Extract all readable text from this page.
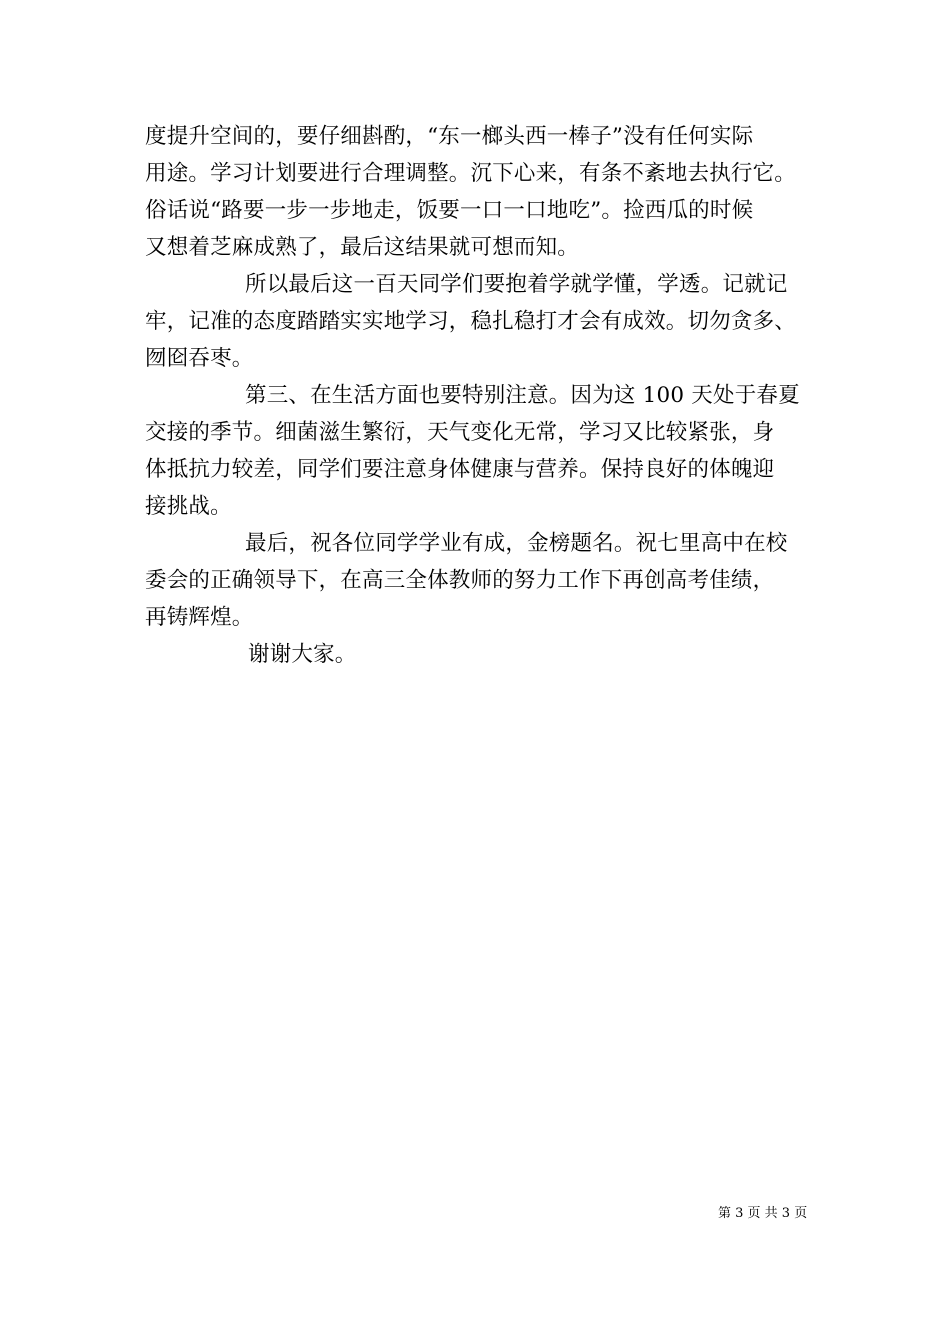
度提升空间的，要仔细斟酌，“东一榔头西一棒子”没有任何实际
用途。学习计划要进行合理调整。沉下心来，有条不紊地去执行它。
俗话说“路要一步一步地走，饭要一口一口地吃”。捡西瓜的时候
又想着芝麻成熟了，最后这结果就可想而知。
所以最后这一百天同学们要抱着学就学懂，学透。记就记
牢，记准的态度踏踏实实地学习，稳扎稳打才会有成效。切勿贪多、
囫囵吞枣。
第三、在生活方面也要特别注意。因为这 100 天处于春夏
交接的季节。细菌滋生繁衍，天气变化无常，学习又比较紧张，身
体抵抗力较差，同学们要注意身体健康与营养。保持良好的体魄迎
接挑战。
最后，祝各位同学学业有成，金榜题名。祝七里高中在校
委会的正确领导下，在高三全体教师的努力工作下再创高考佳绩，
再铸辉煌。
谢谢大家。
第 3 页 共 3 页
